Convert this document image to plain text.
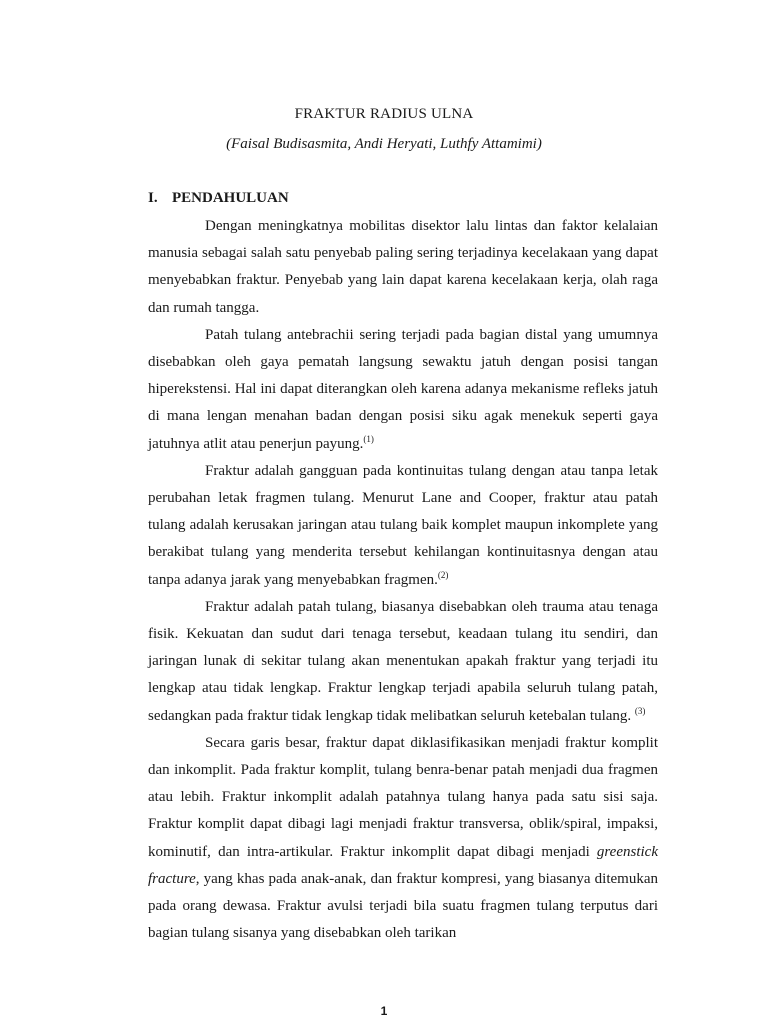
FRAKTUR RADIUS ULNA
(Faisal Budisasmita, Andi Heryati, Luthfy Attamimi)
I. PENDAHULUAN

Dengan meningkatnya mobilitas disektor lalu lintas dan faktor kelalaian manusia sebagai salah satu penyebab paling sering terjadinya kecelakaan yang dapat menyebabkan fraktur. Penyebab yang lain dapat karena kecelakaan kerja, olah raga dan rumah tangga.

Patah tulang antebrachii sering terjadi pada bagian distal yang umumnya disebabkan oleh gaya pematah langsung sewaktu jatuh dengan posisi tangan hiperekstensi. Hal ini dapat diterangkan oleh karena adanya mekanisme refleks jatuh di mana lengan menahan badan dengan posisi siku agak menekuk seperti gaya jatuhnya atlit atau penerjun payung.$^{(1)}$

Fraktur adalah gangguan pada kontinuitas tulang dengan atau tanpa letak perubahan letak fragmen tulang. Menurut Lane and Cooper, fraktur atau patah tulang adalah kerusakan jaringan atau tulang baik komplet maupun inkomplete yang berakibat tulang yang menderita tersebut kehilangan kontinuitasnya dengan atau tanpa adanya jarak yang menyebabkan fragmen.$^{(2)}$

Fraktur adalah patah tulang, biasanya disebabkan oleh trauma atau tenaga fisik. Kekuatan dan sudut dari tenaga tersebut, keadaan tulang itu sendiri, dan jaringan lunak di sekitar tulang akan menentukan apakah fraktur yang terjadi itu lengkap atau tidak lengkap. Fraktur lengkap terjadi apabila seluruh tulang patah, sedangkan pada fraktur tidak lengkap tidak melibatkan seluruh ketebalan tulang. $^{(3)}$

Secara garis besar, fraktur dapat diklasifikasikan menjadi fraktur komplit dan inkomplit. Pada fraktur komplit, tulang benra-benar patah menjadi dua fragmen atau lebih. Fraktur inkomplit adalah patahnya tulang hanya pada satu sisi saja. Fraktur komplit dapat dibagi lagi menjadi fraktur transversa, oblik/spiral, impaksi, kominutif, dan intra-artikular. Fraktur inkomplit dapat dibagi menjadi greenstick fracture, yang khas pada anak-anak, dan fraktur kompresi, yang biasanya ditemukan pada orang dewasa. Fraktur avulsi terjadi bila suatu fragmen tulang terputus dari bagian tulang sisanya yang disebabkan oleh tarikan

1
